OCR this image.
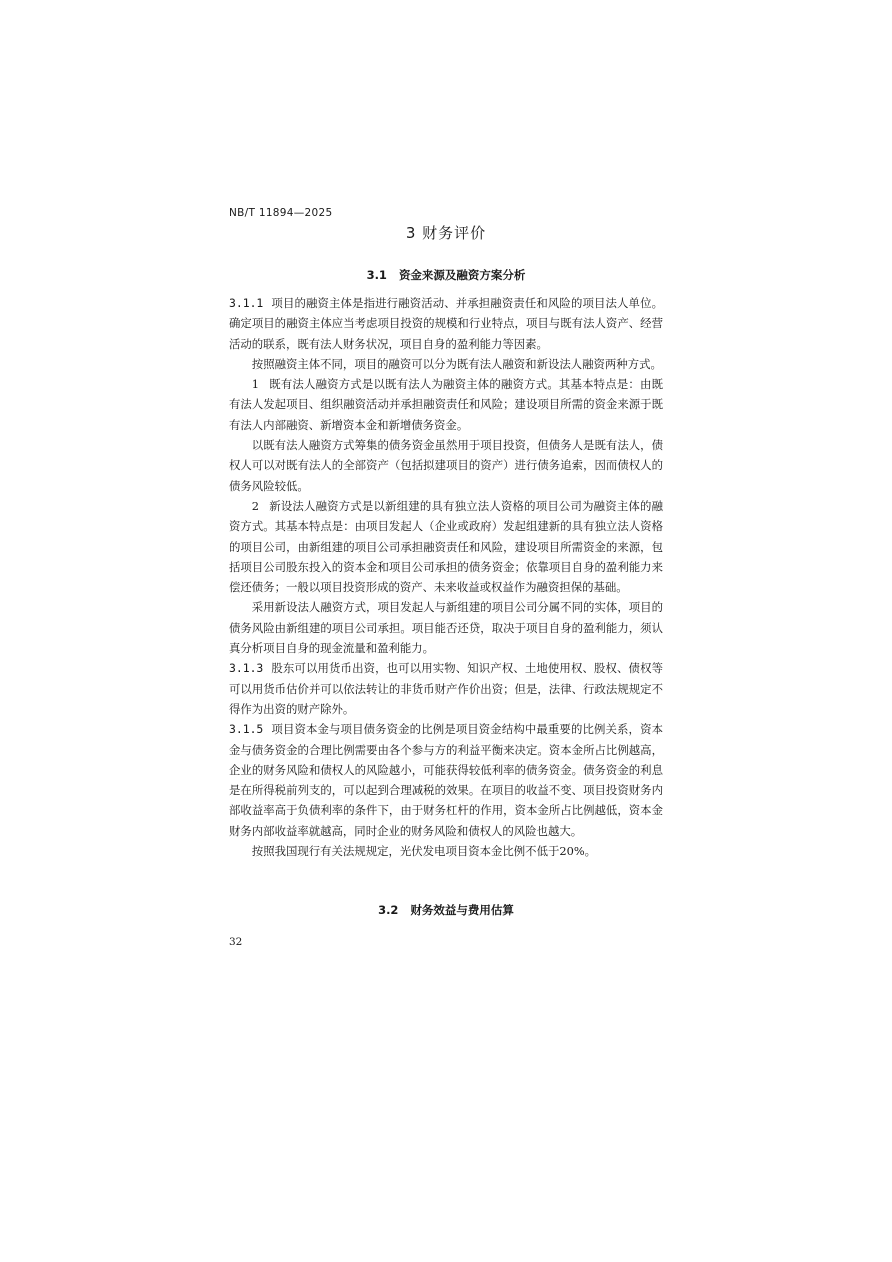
NB/T 11894—2025
3 财务评价
3.1 资金来源及融资方案分析

3.1.1 项目的融资主体是指进行融资活动、并承担融资责任和风险的项目法人单位。确定项目的融资主体应当考虑项目投资的规模和行业特点，项目与既有法人资产、经营活动的联系，既有法人财务状况，项目自身的盈利能力等因素。

按照融资主体不同，项目的融资可以分为既有法人融资和新设法人融资两种方式。

1 既有法人融资方式是以既有法人为融资主体的融资方式。其基本特点是：由既有法人发起项目、组织融资活动并承担融资责任和风险；建设项目所需的资金来源于既有法人内部融资、新增资本金和新增债务资金。

以既有法人融资方式筹集的债务资金虽然用于项目投资，但债务人是既有法人，债权人可以对既有法人的全部资产（包括拟建项目的资产）进行债务追索，因而债权人的债务风险较低。

2 新设法人融资方式是以新组建的具有独立法人资格的项目公司为融资主体的融资方式。其基本特点是：由项目发起人（企业或政府）发起组建新的具有独立法人资格的项目公司，由新组建的项目公司承担融资责任和风险，建设项目所需资金的来源，包括项目公司股东投入的资本金和项目公司承担的债务资金；依靠项目自身的盈利能力来偿还债务；一般以项目投资形成的资产、未来收益或权益作为融资担保的基础。

采用新设法人融资方式，项目发起人与新组建的项目公司分属不同的实体，项目的债务风险由新组建的项目公司承担。项目能否还贷，取决于项目自身的盈利能力，须认真分析项目自身的现金流量和盈利能力。

3.1.3 股东可以用货币出资，也可以用实物、知识产权、土地使用权、股权、债权等可以用货币估价并可以依法转让的非货币财产作价出资；但是，法律、行政法规规定不得作为出资的财产除外。

3.1.5 项目资本金与项目债务资金的比例是项目资金结构中最重要的比例关系，资本金与债务资金的合理比例需要由各个参与方的利益平衡来决定。资本金所占比例越高，企业的财务风险和债权人的风险越小，可能获得较低利率的债务资金。债务资金的利息是在所得税前列支的，可以起到合理减税的效果。在项目的收益不变、项目投资财务内部收益率高于负债利率的条件下，由于财务杠杆的作用，资本金所占比例越低，资本金财务内部收益率就越高，同时企业的财务风险和债权人的风险也越大。

按照我国现行有关法规规定，光伏发电项目资本金比例不低于20%。

3.2 财务效益与费用估算
32
